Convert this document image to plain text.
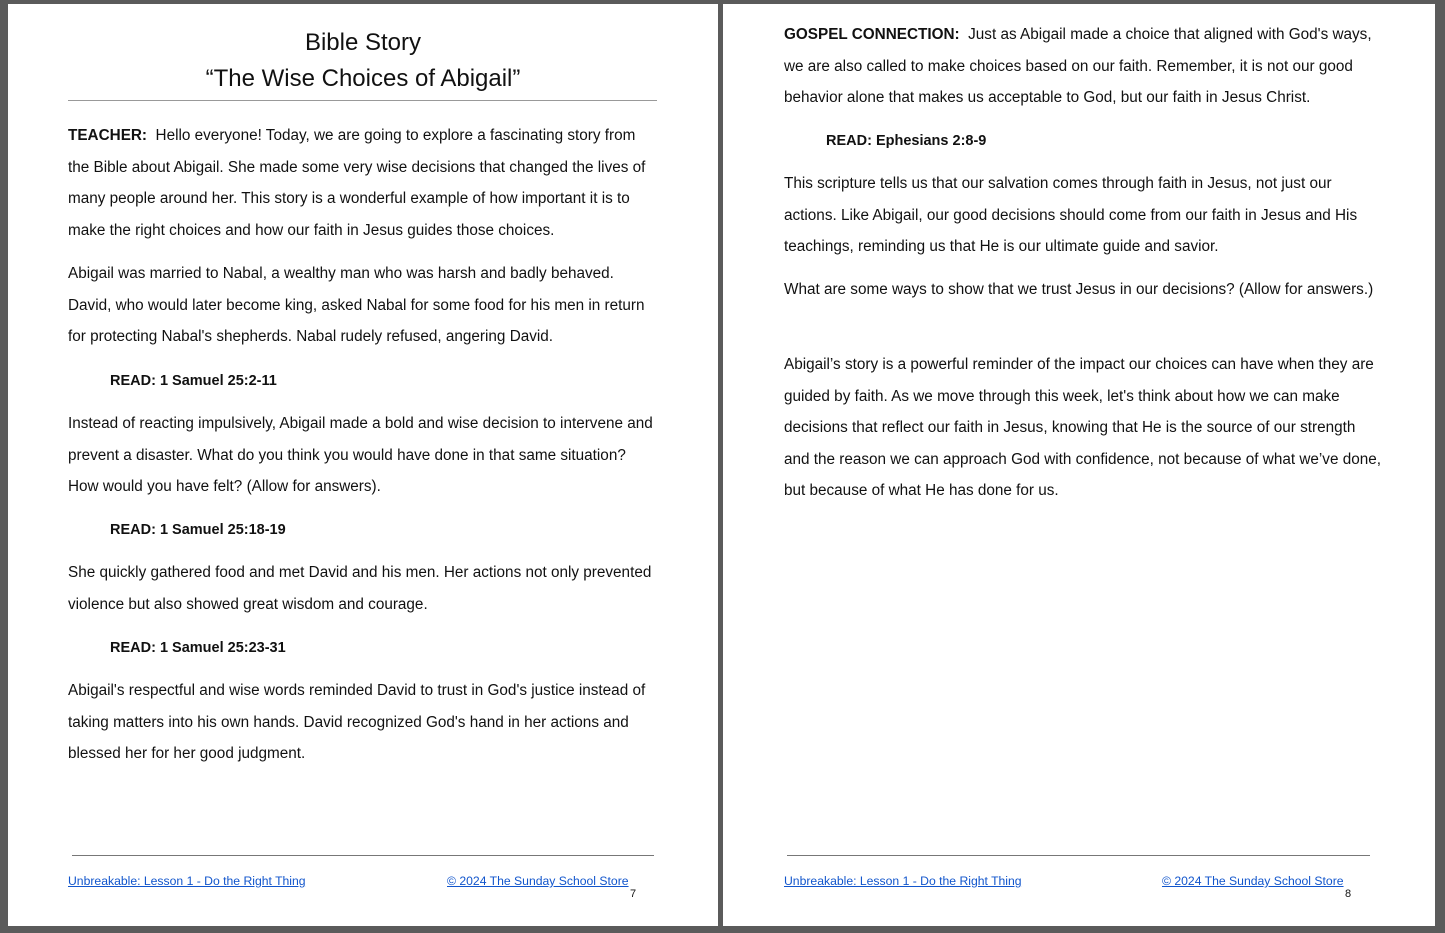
Bible Story
“The Wise Choices of Abigail”

TEACHER: Hello everyone! Today, we are going to explore a fascinating story from the Bible about Abigail. She made some very wise decisions that changed the lives of many people around her. This story is a wonderful example of how important it is to make the right choices and how our faith in Jesus guides those choices.

Abigail was married to Nabal, a wealthy man who was harsh and badly behaved. David, who would later become king, asked Nabal for some food for his men in return for protecting Nabal's shepherds. Nabal rudely refused, angering David.

READ: 1 Samuel 25:2-11

Instead of reacting impulsively, Abigail made a bold and wise decision to intervene and prevent a disaster. What do you think you would have done in that same situation? How would you have felt? (Allow for answers).

READ: 1 Samuel 25:18-19

She quickly gathered food and met David and his men. Her actions not only prevented violence but also showed great wisdom and courage.

READ: 1 Samuel 25:23-31

Abigail's respectful and wise words reminded David to trust in God's justice instead of taking matters into his own hands. David recognized God's hand in her actions and blessed her for her good judgment.

Unbreakable: Lesson 1 - Do the Right Thing	© 2024 The Sunday School Store
7

GOSPEL CONNECTION: Just as Abigail made a choice that aligned with God's ways, we are also called to make choices based on our faith. Remember, it is not our good behavior alone that makes us acceptable to God, but our faith in Jesus Christ.

READ: Ephesians 2:8-9

This scripture tells us that our salvation comes through faith in Jesus, not just our actions. Like Abigail, our good decisions should come from our faith in Jesus and His teachings, reminding us that He is our ultimate guide and savior.

What are some ways to show that we trust Jesus in our decisions? (Allow for answers.)

Abigail’s story is a powerful reminder of the impact our choices can have when they are guided by faith. As we move through this week, let's think about how we can make decisions that reflect our faith in Jesus, knowing that He is the source of our strength and the reason we can approach God with confidence, not because of what we’ve done, but because of what He has done for us.

Unbreakable: Lesson 1 - Do the Right Thing	© 2024 The Sunday School Store
8
